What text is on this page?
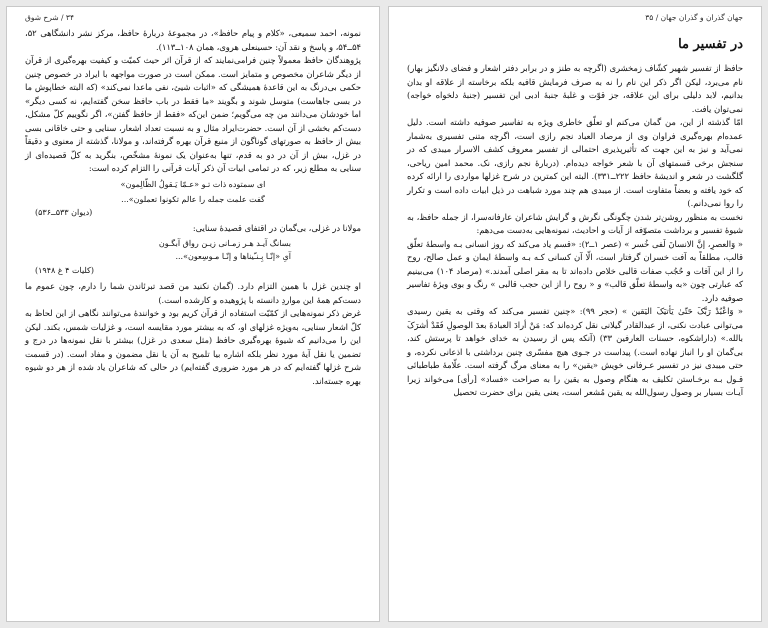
۳۴ / شرح شوق

نمونه، احمد سمیعی، «کلام و پیام حافظ»، در مجموعهٔ دربارهٔ حافظ، مرکز نشر دانشگاهی ۵۲، ۵۴ــ۵۴، و پاسخ و نقد آن: حسینعلی هروی، همان ۱۰۸ــ۱۱۳).
پژوهندگان حافظ معمولاً چنین فرامی‌نمایند که از قرآن اثر حیث کمیّت و کیفیت بهره‌گیری از قرآن از دیگر شاعران مخصوص و متمایز است. ممکن است در صورت مواجهه با ایراد در خصوص چنین حکمی بی‌درنگ به این قاعدهٔ همیشگی که «اثبات شیئ، نفی ماعدا نمی‌کند» (که البته خطاپوش ما در بسی جاهاست) متوسل شوند و بگویند «ما فقط در باب حافظ سخن گفته‌ایم، نه کسی دیگر» اما خودشان می‌دانند من چه می‌گویم؛ ضمن این‌که «فقط از حافظ گفتن»، اگر نگوییم کلّ مشکل، دست‌کم بخشی از آن است. حضرت‌ایراد مثال و به نسبت تعداد اشعار، سنایی و حتی خاقانی بسی بیش از حافظ به صورتهای گوناگون از منبع قرآن بهره گرفته‌اند، و مولانا، گذشته از معنوی و دقیقاً در غزل، بیش از آن در دو به قدم، تنها به‌عنوان یک نمونهٔ مشخّص، بنگرید به کلّ قصیده‌ای از سنایی به مطلع زیر، که در تمامی ابیات آن ذکر آیات قرآنی را التزام کرده است:

ای سمتوده ذات تـو «عـمّا یَـقولُ الظّالِمون»
گفت علمت جمله را عالم تکونوا تعملون»...
(دیوان ۵۳۳ــ۵۳۶)

مولانا در غزلی، بی‌گمان در اقتفای قصیدهٔ سنایی:

بسانگ آیـد هـر زمـانی زیـن رواق آبگـون
آیِ «إنّـا بِـنـّیناها و إنّـا مـوسِعون»...
(کلیات ۴ غ ۱۹۴۸)

او چندین غزل با همین التزام دارد. (گمان نکنید من قصد تبرئاندن شما را دارم، چون عموم ما دست‌کم همهٔ این مواردِ دانسته با پژوهیده و کارشده است.)
غرض ذکر نمونه‌هایی از کمّیّت استفاده از قرآن کریم بود و خوانندهٔ می‌توانند نگاهی از این لحاظ به کلّ اشعار سنایی، به‌ویژه غزلهای او، که به بیشتر مورد مقایسه است، و غزلیات شمس، بکند. لیکن این را می‌دانیم که شیوهٔ بهره‌گیری حافظ (مثل سعدی در غزل) بیشتر با نقل نمونه‌ها در درج و تضمین یا نقل آیهٔ مورد نظر بلکه اشاره بیا تلمیح به آن یا نقل مضمون و مفاد است. (در قسمت شرح غزلها گفته‌ایم که در هر مورد ضروری گفته‌ایم) در حالی که شاعران یاد شده از هر دو شیوه بهره جسته‌اند.

جهان گذران و گذران جهان / ۳۵
در تفسیر ما

حافظ از تفسیر شهیر کشّاف زمخشری (اگرچه به طنز و در برابر دفتر اشعار و فضای دلانگیز بهار) نام می‌برد، لیکن اگر ذکر این نام را نه به صرف فرمایش قافیه بلکه برخاسته از علاقه او بدان بدانیم، لابد دلیلی برای این علاقه، جز قوّت و غلبهٔ جنبهٔ ادبی این تفسیر (جنبهٔ دلخواه خواجه) نمی‌توان یافت.
امّا گذشته از این، من گمان می‌کنم او تعلّق خاطری ویژه به تفاسیر صوفیه داشته است. دلیل عمده‌ام بهره‌گیری فراوان وی از مرصاد العباد نجم رازی است، اگرچه متنی تفسیری به‌شمار نمی‌آید و نیز به این جهت که تأثیرپذیری احتمالی از تفسیر معروف کشف الاسرار میبدی که در سنجش برخی قسمتهای آن با شعر خواجه دیده‌ام. (دربارهٔ نجم رازی، نک. محمد امین ریاحی، گلگشت در شعر و اندیشهٔ حافظ ۲۲۲ــ۳۳۱). البته این کمترین در شرح غزلها مواردی را ارائه کرده که خود یافته و بعضاً متفاوت است. از میبدی هم چند مورد شباهت در ذیل ابیات داده است و تکرار را روا نمی‌دانم.)
نخست به منظور روشن‌تر شدن چگونگی نگرش و گرایش شاعران عارفانه‌سرا، از جمله حافظ، به شیوهٔ تفسیر و برداشت متصوّفه از آیات و احادیث، نمونه‌هایی به‌دست می‌دهم:

« وَالعصرِ، إنَّ الانسانَ لَفی خُسر » (عصر ۱ــ۲): «قسم یاد می‌کند که روز انسانی بـه واسطهٔ تعلّق قالب، مطلقاً به آفت خسران گرفتار است، الّا آن کسانی کـه بـه واسطهٔ ایمان و عمل صالح، روح را از این آفات و حُجُب صفات قالبی خلاص داده‌اند تا به مقر اصلی آمدند.» (مرصاد ۱۰۴) می‌بینیم که عبارتی چون «به واسطهٔ تعلّق قالب» و « روح را از این حجب قالبی » رنگ و بوی ویژهٔ تفاسیر صوفیه دارد.
« وَاعْبُدْ رَبَّکَ حَتّیٰ یَأتیَکَ الیَقین » (حجر ۹۹): «چنین تفسیر می‌کند که وقتی به یقین رسیدی می‌توانی عبادت نکنی، از عبدالقادر گیلانی نقل کرده‌اند که: مَنْ أرادَ العبادةَ بعدَ الوصولِ فَقَدْ أشرَکَ بالله.» (داراشکوه، حسنات العارفین ۳۳) (آنکه پس از رسیدن به خدای خواهد تا پرستش کند، بی‌گمان او را انباز نهاده است.) پیداست در جـوی هیچ مفسّری چنین برداشتی با اذعانی نکرده، و حتی میبدی نیز در تفسیر عـرفانی خویش «یقین» را به معنای مرگ گرفته است. علّامهٔ طباطبائی قـول بـه برخـاستن تکلیف به هنگام وصول به یقین را به صراحت «فساد» [رأی] می‌خواند زیرا آیـات بسیار بر وصول رسول‌الله به یقین مُشعر است، یعنی یقین برای حضرت تحصیل
